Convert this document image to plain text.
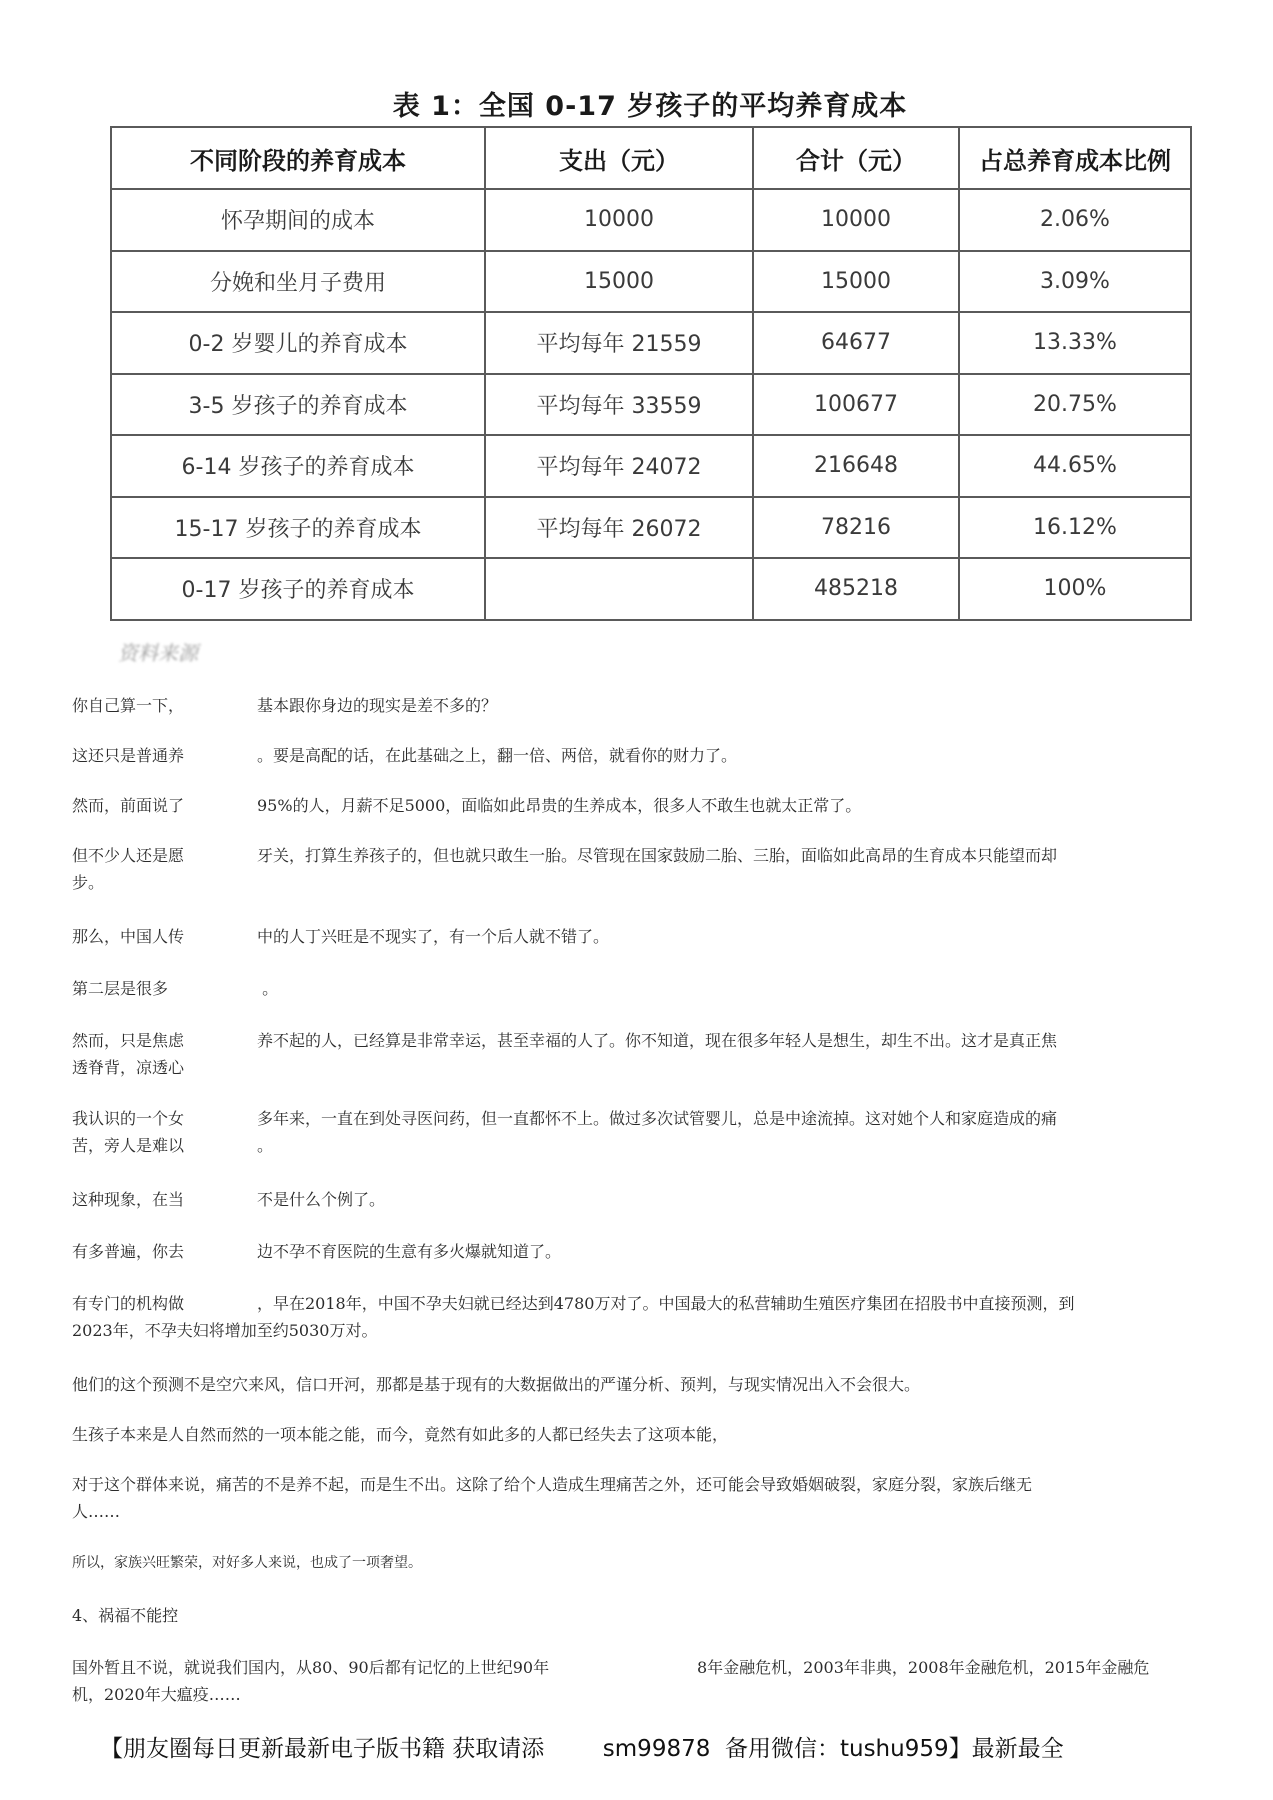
表 1：全国 0-17 岁孩子的平均养育成本
不同阶段的养育成本	支出（元）	合计（元）	占总养育成本比例
怀孕期间的成本	10000	10000	2.06%
分娩和坐月子费用	15000	15000	3.09%
0-2 岁婴儿的养育成本	平均每年 21559	64677	13.33%
3-5 岁孩子的养育成本	平均每年 33559	100677	20.75%
6-14 岁孩子的养育成本	平均每年 24072	216648	44.65%
15-17 岁孩子的养育成本	平均每年 26072	78216	16.12%
0-17 岁孩子的养育成本		485218	100%
资料来源
你自己算一下，	基本跟你身边的现实是差不多的？
这还只是普通养	。要是高配的话，在此基础之上，翻一倍、两倍，就看你的财力了。
然而，前面说了	95%的人，月薪不足5000，面临如此昂贵的生养成本，很多人不敢生也就太正常了。
但不少人还是愿
步。
牙关，打算生养孩子的，但也就只敢生一胎。尽管现在国家鼓励二胎、三胎，面临如此高昂的生育成本只能望而却
那么，中国人传	中的人丁兴旺是不现实了，有一个后人就不错了。
第二层是很多	。
然而，只是焦虑
透脊背，凉透心
养不起的人，已经算是非常幸运，甚至幸福的人了。你不知道，现在很多年轻人是想生，却生不出。这才是真正焦
我认识的一个女
苦，旁人是难以
多年来，一直在到处寻医问药，但一直都怀不上。做过多次试管婴儿，总是中途流掉。这对她个人和家庭造成的痛
。
这种现象，在当	不是什么个例了。
有多普遍，你去	边不孕不育医院的生意有多火爆就知道了。
有专门的机构做	，早在2018年，中国不孕夫妇就已经达到4780万对了。中国最大的私营辅助生殖医疗集团在招股书中直接预测，到
2023年，不孕夫妇将增加至约5030万对。

他们的这个预测不是空穴来风，信口开河，那都是基于现有的大数据做出的严谨分析、预判，与现实情况出入不会很大。

生孩子本来是人自然而然的一项本能之能，而今，竟然有如此多的人都已经失去了这项本能，

对于这个群体来说，痛苦的不是养不起，而是生不出。这除了给个人造成生理痛苦之外，还可能会导致婚姻破裂，家庭分裂，家族后继无
人……

所以，家族兴旺繁荣，对好多人来说，也成了一项奢望。

4、祸福不能控

国外暂且不说，就说我们国内，从80、90后都有记忆的上世纪90年	8年金融危机，2003年非典，2008年金融危机，2015年金融危
机，2020年大瘟疫……
【朋友圈每日更新最新电子版书籍 获取请添        sm99878  备用微信：tushu959】最新最全
